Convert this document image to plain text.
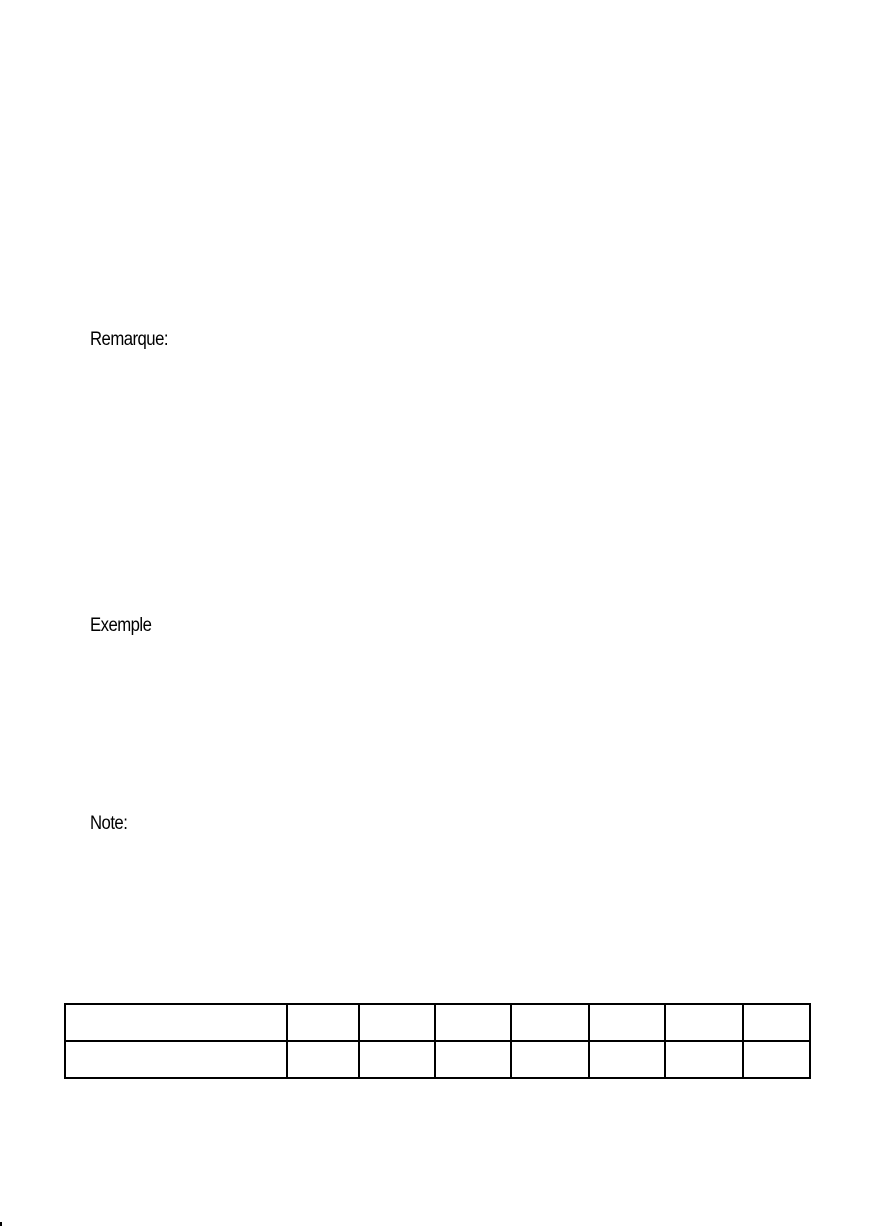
Remarque:
Exemple
Note:
